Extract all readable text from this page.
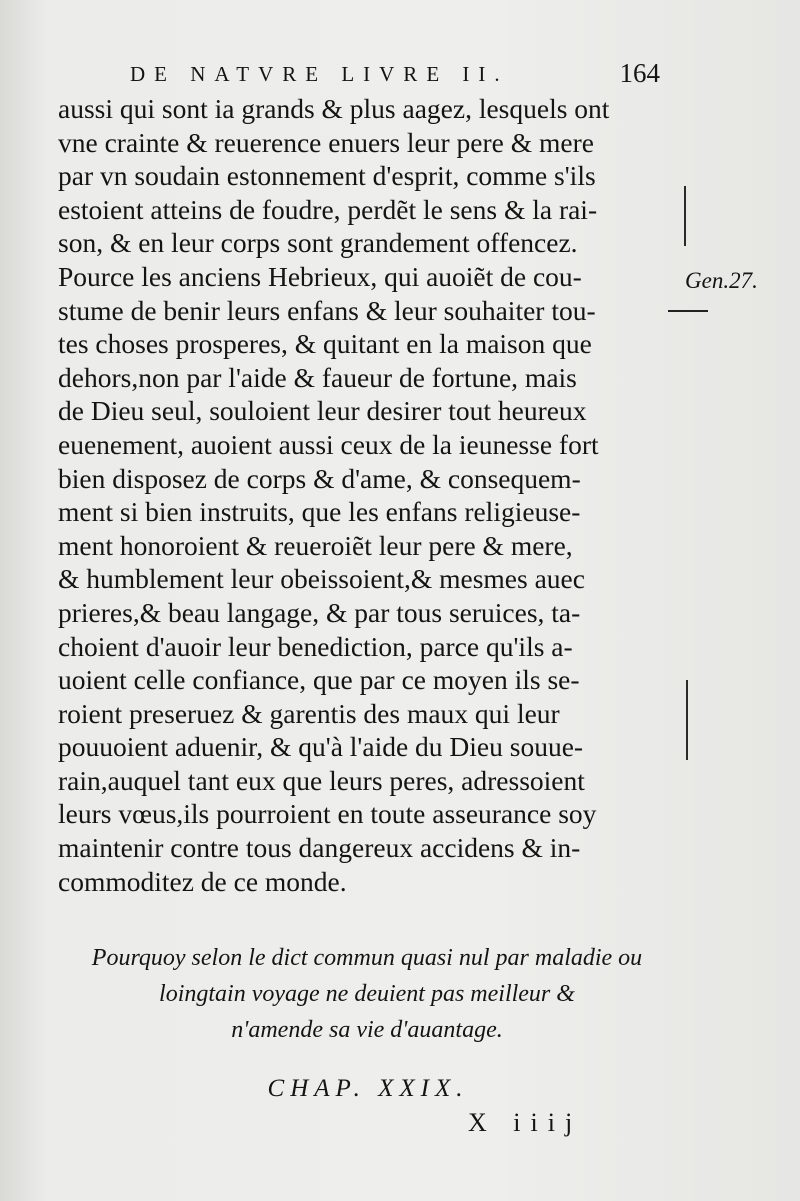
DE NATVRE LIVRE II.	164
aussi qui sont ia grands & plus aagez, lesquels ont
vne crainte & reuerence enuers leur pere & mere
par vn soudain estonnement d'esprit, comme s'ils
estoient atteins de foudre, perdẽt le sens & la rai-
son, & en leur corps sont grandement offencez.
Pource les anciens Hebrieux, qui auoiẽt de cou-
stume de benir leurs enfans & leur souhaiter tou-
tes choses prosperes, & quitant en la maison que
dehors,non par l'aide & faueur de fortune, mais
de Dieu seul, souloient leur desirer tout heureux
euenement, auoient aussi ceux de la ieunesse fort
bien disposez de corps & d'ame, & consequem-
ment si bien instruits, que les enfans religieuse-
ment honoroient & reueroiẽt leur pere & mere,
& humblement leur obeissoient,& mesmes auec
prieres,& beau langage, & par tous seruices, ta-
choient d'auoir leur benediction, parce qu'ils a-
uoient celle confiance, que par ce moyen ils se-
roient preseruez & garentis des maux qui leur
pouuoient aduenir, & qu'à l'aide du Dieu souue-
rain,auquel tant eux que leurs peres, adressoient
leurs vœus,ils pourroient en toute asseurance soy
maintenir contre tous dangereux accidens & in-
commoditez de ce monde.
Gen.27.
Pourquoy selon le dict commun quasi nul par maladie ou
loingtain voyage ne deuient pas meilleur &
n'amende sa vie d'auantage.
CHAP. XXIX.
X iiij
